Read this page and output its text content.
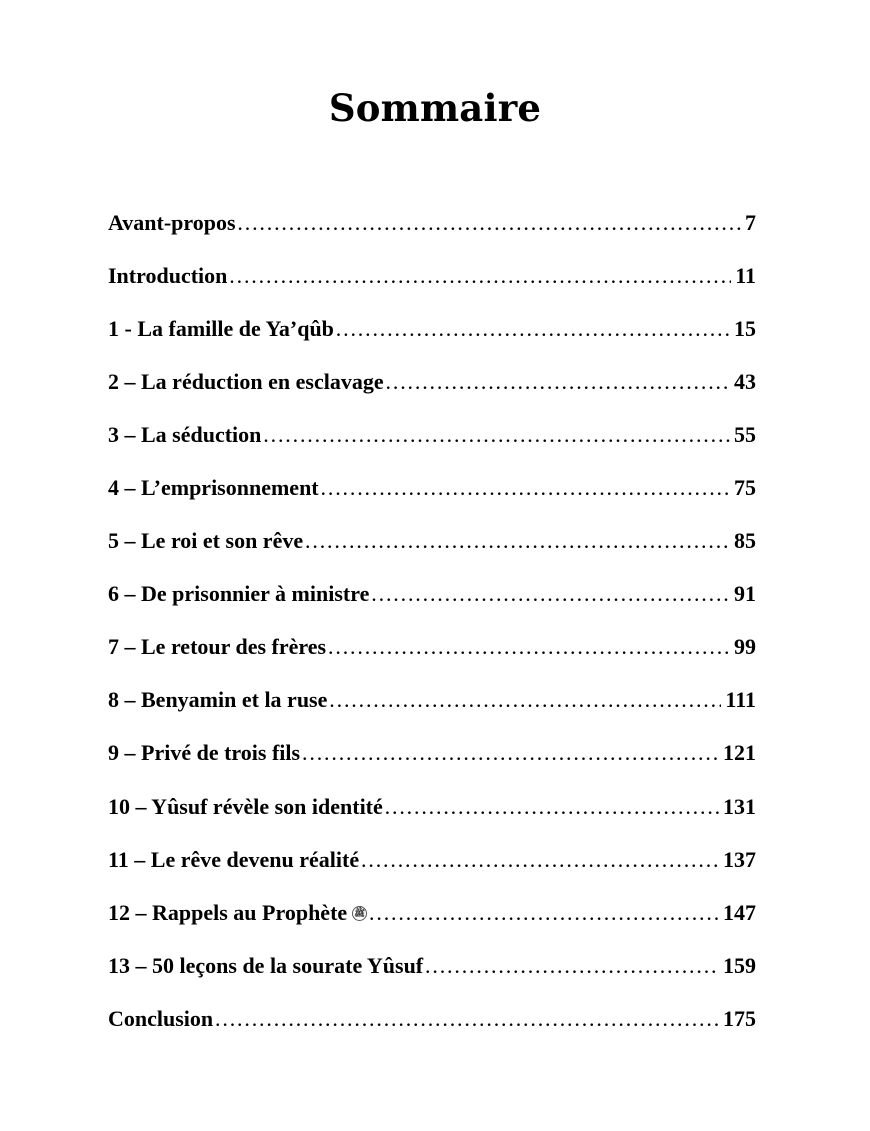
Sommaire
Avant-propos ……………………………………………………………………………………………………………………………………	7
Introduction ……………………………………………………………………………………………………………………………………	11
1 - La famille de Ya’qûb ……………………………………………………………………………………………………………………………………	15
2 – La réduction en esclavage ……………………………………………………………………………………………………………………………………	43
3 – La séduction ……………………………………………………………………………………………………………………………………	55
4 – L’emprisonnement ……………………………………………………………………………………………………………………………………	75
5 – Le roi et son rêve ……………………………………………………………………………………………………………………………………	85
6 – De prisonnier à ministre ……………………………………………………………………………………………………………………………………	91
7 – Le retour des frères ……………………………………………………………………………………………………………………………………	99
8 – Benyamin et la ruse ……………………………………………………………………………………………………………………………………	111
9 – Privé de trois fils ……………………………………………………………………………………………………………………………………	121
10 – Yûsuf révèle son identité ……………………………………………………………………………………………………………………………………	131
11 – Le rêve devenu réalité ……………………………………………………………………………………………………………………………………	137
12 – Rappels au Prophète ﷺ ……………………………………………………………………………………………………………………………………	147
13 – 50 leçons de la sourate Yûsuf ……………………………………………………………………………………………………………………………………	159
Conclusion ……………………………………………………………………………………………………………………………………	175
